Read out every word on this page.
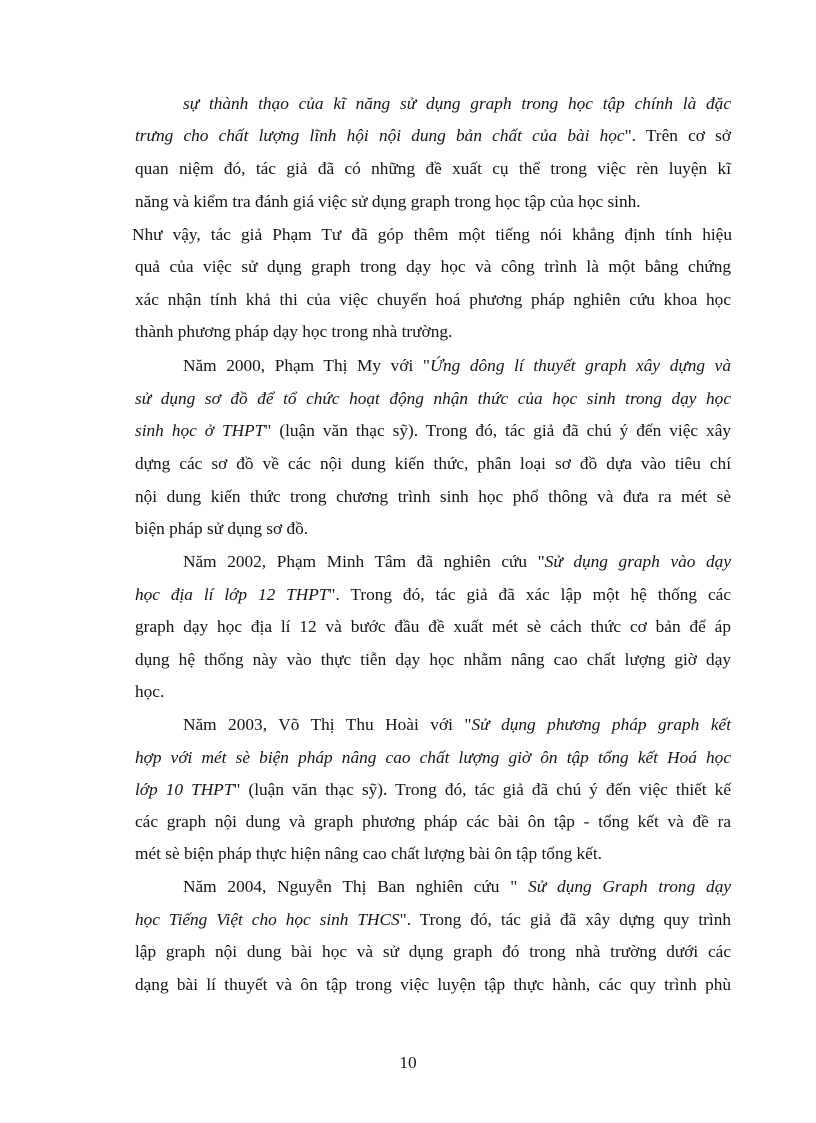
sự thành thạo của kĩ năng sử dụng graph trong học tập chính là đặc
trưng cho chất lượng lĩnh hội nội dung bản chất của bài học". Trên cơ sở
quan niệm đó, tác giả đã có những đề xuất cụ thể trong việc rèn luyện kĩ
năng và kiểm tra đánh giá việc sử dụng graph trong học tập của học sinh.
Như vậy, tác giả Phạm Tư đã góp thêm một tiếng nói khẳng định tính hiệu
quả của việc sử dụng graph trong dạy học và công trình là một bằng chứng
xác nhận tính khả thi của việc chuyển hoá phương pháp nghiên cứu khoa học
thành phương pháp dạy học trong nhà trường.
Năm 2000, Phạm Thị My với "Ứng dông lí thuyết graph xây dựng và
sử dụng sơ đồ để tổ chức hoạt động nhận thức của học sinh trong dạy học
sinh học ở THPT" (luận văn thạc sỹ). Trong đó, tác giả đã chú ý đến việc xây
dựng các sơ đồ về các nội dung kiến thức, phân loại sơ đồ dựa vào tiêu chí
nội dung kiến thức trong chương trình sinh học phổ thông và đưa ra mét sè
biện pháp sử dụng sơ đồ.
Năm 2002, Phạm Minh Tâm đã nghiên cứu "Sử dụng graph vào dạy
học địa lí lớp 12 THPT". Trong đó, tác giả đã xác lập một hệ thống các
graph dạy học địa lí 12 và bước đầu đề xuất mét sè cách thức cơ bản để áp
dụng hệ thống này vào thực tiễn dạy học nhằm nâng cao chất lượng giờ dạy
học.
Năm 2003, Võ Thị Thu Hoài với "Sử dụng phương pháp graph kết
hợp với mét sè biện pháp nâng cao chất lượng giờ ôn tập tổng kết Hoá học
lớp 10 THPT" (luận văn thạc sỹ). Trong đó, tác giả đã chú ý đến việc thiết kế
các graph nội dung và graph phương pháp các bài ôn tập - tổng kết và đề ra
mét sè biện pháp thực hiện nâng cao chất lượng bài ôn tập tổng kết.
Năm 2004, Nguyễn Thị Ban nghiên cứu " Sử dụng Graph trong dạy
học Tiếng Việt cho học sinh THCS". Trong đó, tác giả đã xây dựng quy trình
lập graph nội dung bài học và sử dụng graph đó trong nhà trường dưới các
dạng bài lí thuyết và ôn tập trong việc luyện tập thực hành, các quy trình phù
10
